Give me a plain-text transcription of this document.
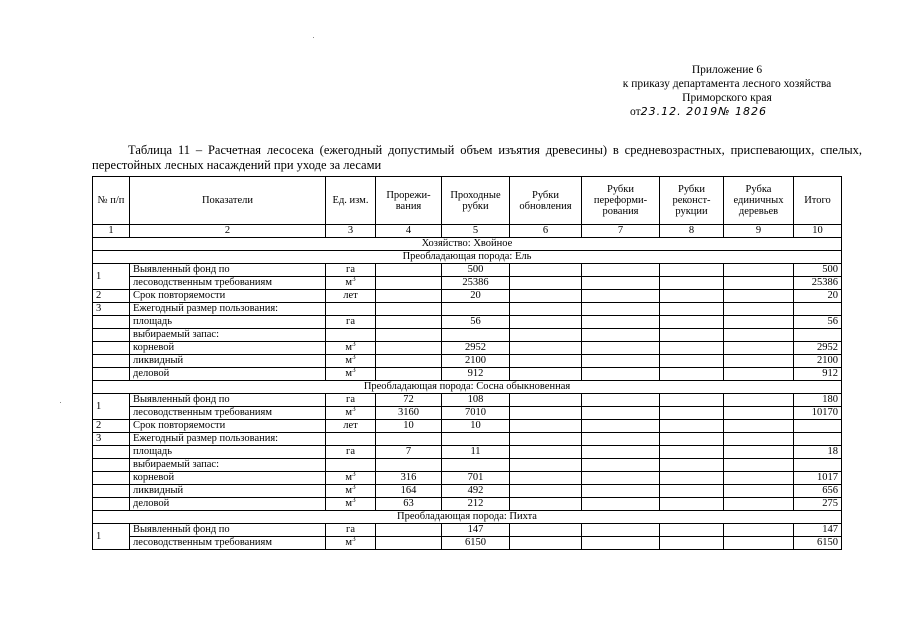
Приложение 6
к приказу департамента лесного хозяйства
Приморского края
от23.12. 2019№ 1826
Таблица 11 – Расчетная лесосека (ежегодный допустимый объем изъятия древесины) в средневозрастных, приспевающих, спелых, перестойных лесных насаждений при уходе за лесами
№ п/п	Показатели	Ед. изм.	Прорежи-вания	Проходные рубки	Рубки обновления	Рубки переформи-рования	Рубки реконст-рукции	Рубка единичных деревьев	Итого
1	2	3	4	5	6	7	8	9	10
Хозяйство: Хвойное									
Преобладающая порода: Ель									
1	Выявленный фонд по	га		500					500
	лесоводственным требованиям	$м^3$		25386					25386
2	Срок повторяемости	лет		20					20
3	Ежегодный размер пользования:								
	площадь	га		56					56
	выбираемый запас:								
	корневой	$м^3$		2952					2952
	ликвидный	$м^3$		2100					2100
	деловой	$м^3$		912					912
Преобладающая порода: Сосна обыкновенная									
1	Выявленный фонд по	га	72	108					180
	лесоводственным требованиям	$м^3$	3160	7010					10170
2	Срок повторяемости	лет	10	10					
3	Ежегодный размер пользования:								
	площадь	га	7	11					18
	выбираемый запас:								
	корневой	$м^3$	316	701					1017
	ликвидный	$м^3$	164	492					656
	деловой	$м^3$	63	212					275
Преобладающая порода: Пихта									
1	Выявленный фонд по	га		147					147
	лесоводственным требованиям	$м^3$		6150					6150
